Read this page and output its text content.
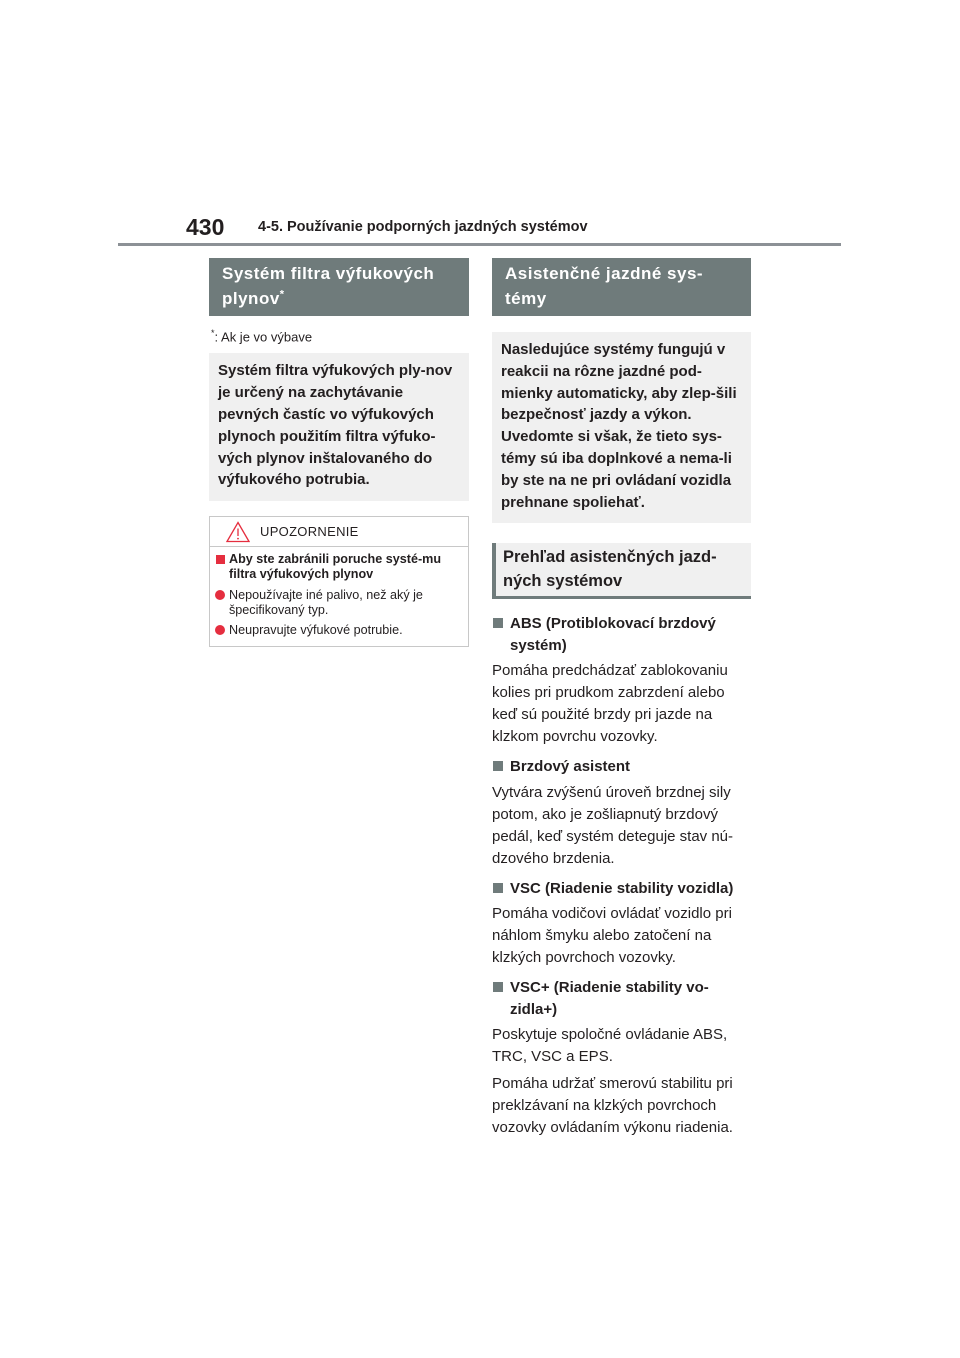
430 4-5. Používanie podporných jazdných systémov
Systém filtra výfukových
plynov*
*: Ak je vo výbave
Systém filtra výfukových ply-nov je určený na zachytávanie pevných častíc vo výfukových plynoch použitím filtra výfuko-vých plynov inštalovaného do výfukového potrubia.
UPOZORNENIE
Aby ste zabránili poruche systé-mu filtra výfukových plynov
Nepoužívajte iné palivo, než aký je špecifikovaný typ.
Neupravujte výfukové potrubie.
Asistenčné jazdné sys-témy
Nasledujúce systémy fungujú v reakcii na rôzne jazdné pod-mienky automaticky, aby zlep-šili bezpečnosť jazdy a výkon. Uvedomte si však, že tieto sys-témy sú iba doplnkové a nema-li by ste na ne pri ovládaní vozidla prehnane spoliehať.
Prehľad asistenčných jazd-ných systémov
ABS (Protiblokovací brzdový systém)
Pomáha predchádzať zablokovaniu kolies pri prudkom zabrzdení alebo keď sú použité brzdy pri jazde na klzkom povrchu vozovky.
Brzdový asistent
Vytvára zvýšenú úroveň brzdnej sily potom, ako je zošliapnutý brzdový pedál, keď systém deteguje stav nú-dzového brzdenia.
VSC (Riadenie stability vozidla)
Pomáha vodičovi ovládať vozidlo pri náhlom šmyku alebo zatočení na klzkých povrchoch vozovky.
VSC+ (Riadenie stability vo-zidla+)
Poskytuje spoločné ovládanie ABS, TRC, VSC a EPS.
Pomáha udržať smerovú stabilitu pri preklzávaní na klzkých povrchoch vozovky ovládaním výkonu riadenia.
